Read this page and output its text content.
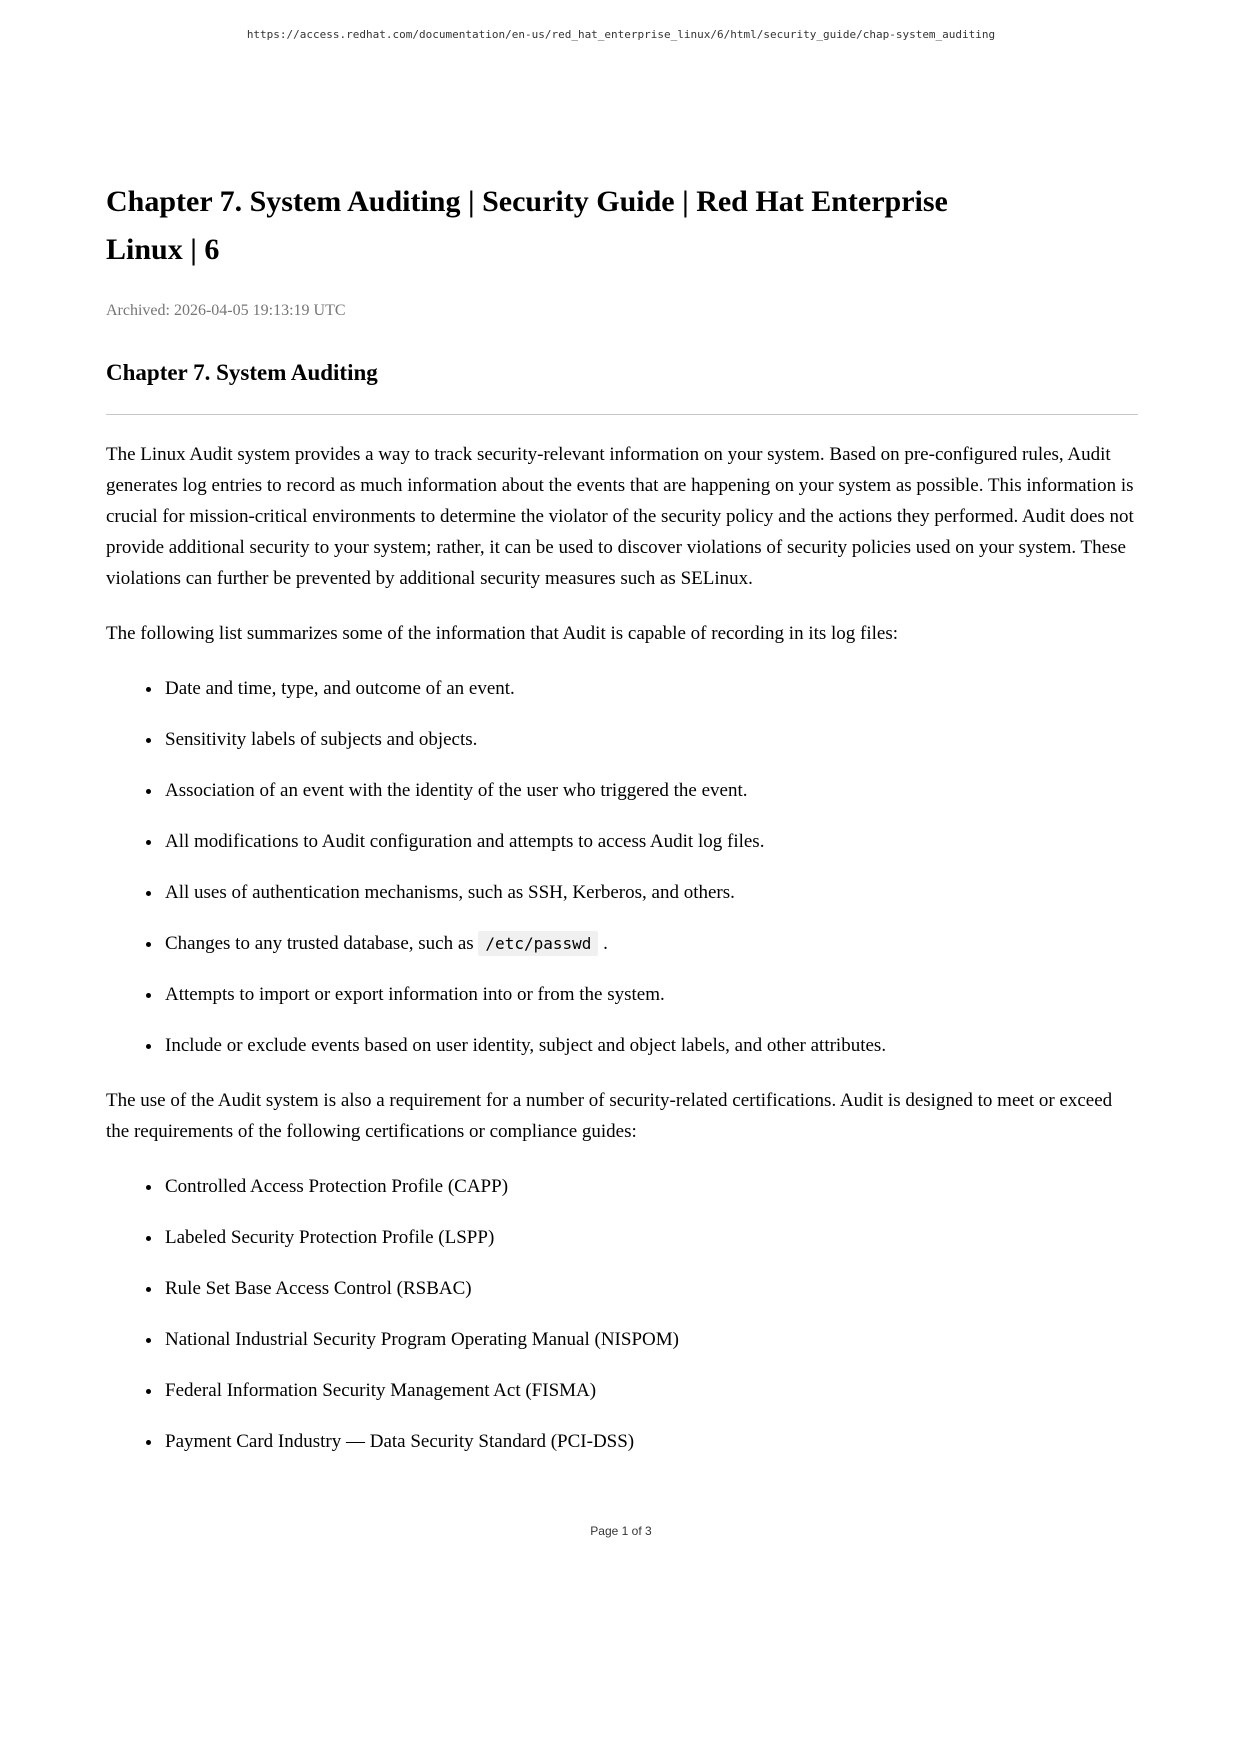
https://access.redhat.com/documentation/en-us/red_hat_enterprise_linux/6/html/security_guide/chap-system_auditing
Chapter 7. System Auditing | Security Guide | Red Hat Enterprise Linux | 6

Archived: 2026-04-05 19:13:19 UTC

Chapter 7. System Auditing

The Linux Audit system provides a way to track security-relevant information on your system. Based on pre-configured rules, Audit generates log entries to record as much information about the events that are happening on your system as possible. This information is crucial for mission-critical environments to determine the violator of the security policy and the actions they performed. Audit does not provide additional security to your system; rather, it can be used to discover violations of security policies used on your system. These violations can further be prevented by additional security measures such as SELinux.

The following list summarizes some of the information that Audit is capable of recording in its log files:

• Date and time, type, and outcome of an event.
• Sensitivity labels of subjects and objects.
• Association of an event with the identity of the user who triggered the event.
• All modifications to Audit configuration and attempts to access Audit log files.
• All uses of authentication mechanisms, such as SSH, Kerberos, and others.
• Changes to any trusted database, such as /etc/passwd .
• Attempts to import or export information into or from the system.
• Include or exclude events based on user identity, subject and object labels, and other attributes.

The use of the Audit system is also a requirement for a number of security-related certifications. Audit is designed to meet or exceed the requirements of the following certifications or compliance guides:

• Controlled Access Protection Profile (CAPP)
• Labeled Security Protection Profile (LSPP)
• Rule Set Base Access Control (RSBAC)
• National Industrial Security Program Operating Manual (NISPOM)
• Federal Information Security Management Act (FISMA)
• Payment Card Industry — Data Security Standard (PCI-DSS)
Page 1 of 3
